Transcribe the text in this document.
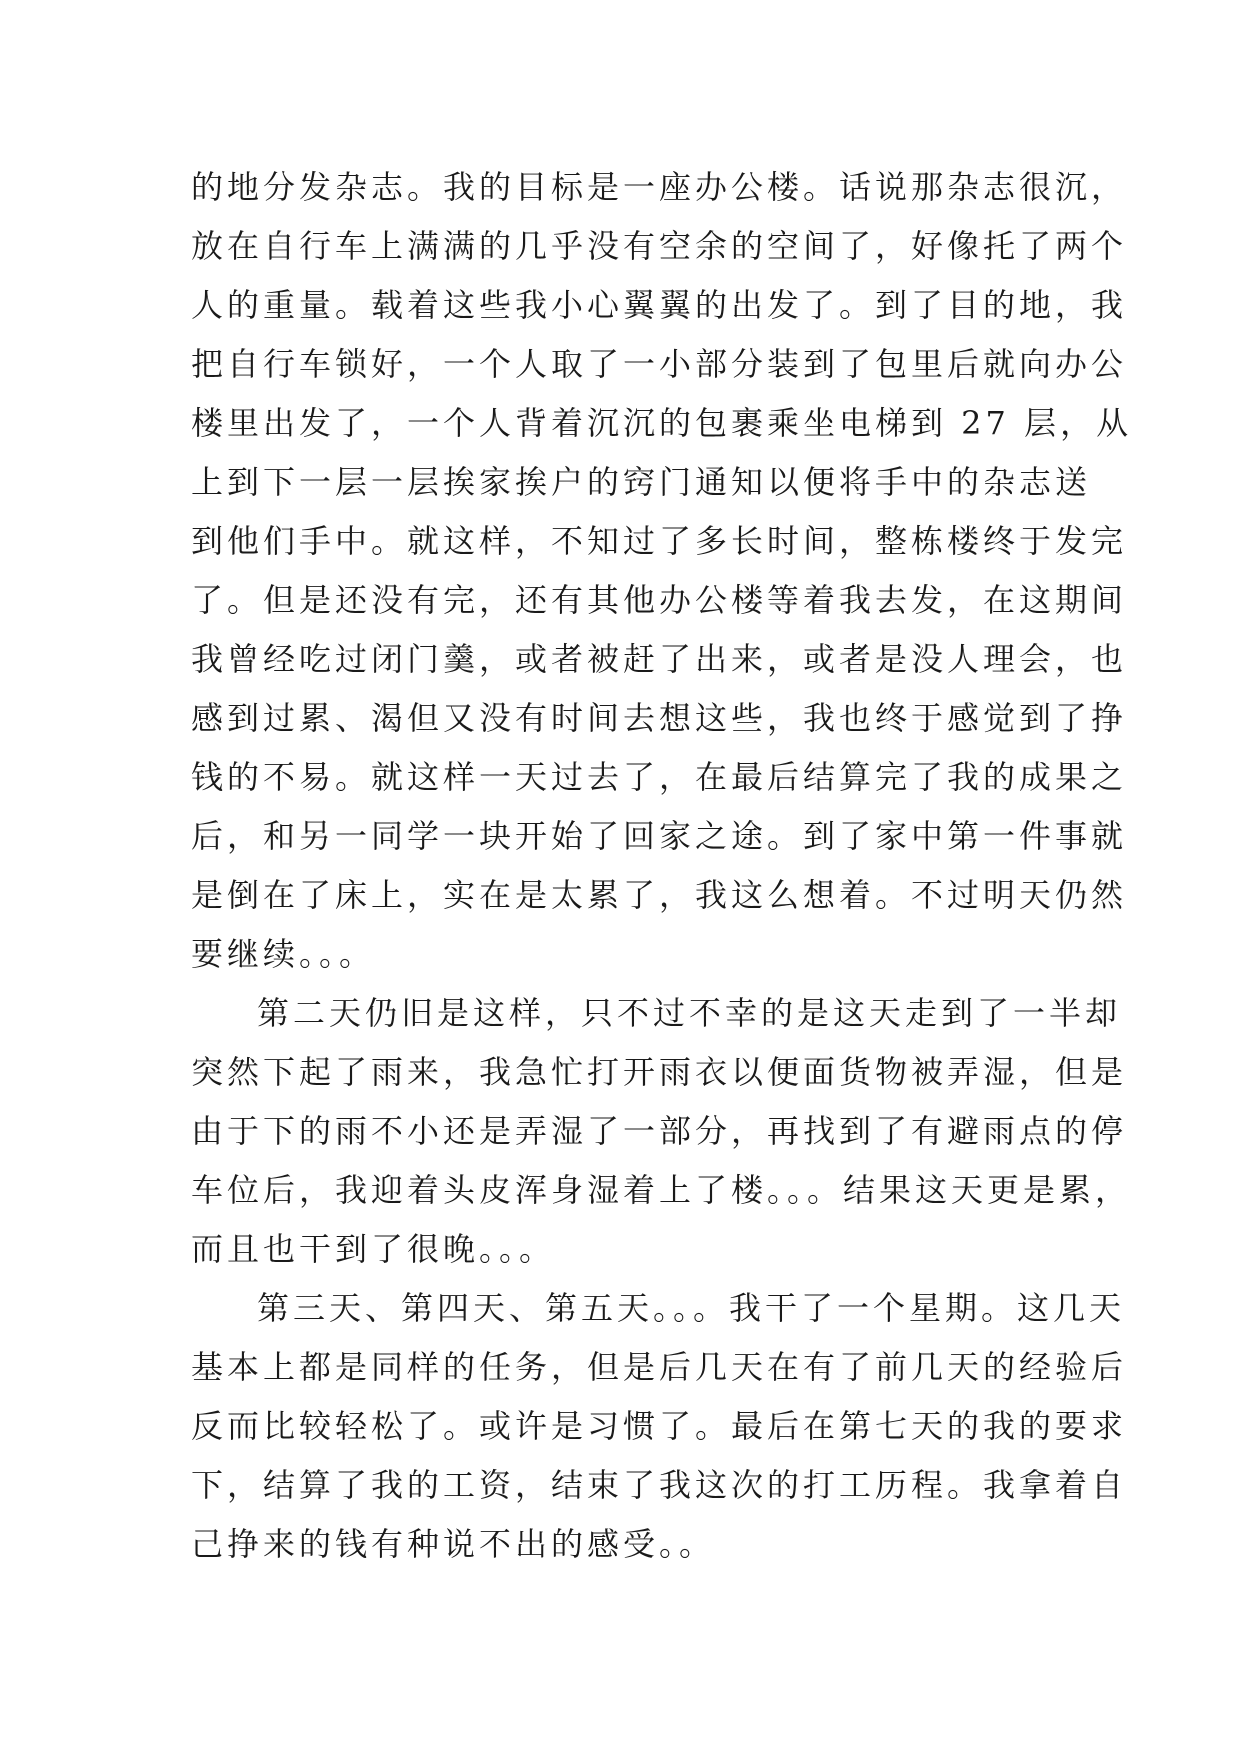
的地分发杂志。我的目标是一座办公楼。话说那杂志很沉，
放在自行车上满满的几乎没有空余的空间了，好像托了两个
人的重量。载着这些我小心翼翼的出发了。到了目的地，我
把自行车锁好，一个人取了一小部分装到了包里后就向办公
楼里出发了，一个人背着沉沉的包裹乘坐电梯到 27 层，从
上到下一层一层挨家挨户的窍门通知以便将手中的杂志送
到他们手中。就这样，不知过了多长时间，整栋楼终于发完
了。但是还没有完，还有其他办公楼等着我去发，在这期间
我曾经吃过闭门羹，或者被赶了出来，或者是没人理会，也
感到过累、渴但又没有时间去想这些，我也终于感觉到了挣
钱的不易。就这样一天过去了，在最后结算完了我的成果之
后，和另一同学一块开始了回家之途。到了家中第一件事就
是倒在了床上，实在是太累了，我这么想着。不过明天仍然
要继续。。。
第二天仍旧是这样，只不过不幸的是这天走到了一半却
突然下起了雨来，我急忙打开雨衣以便面货物被弄湿，但是
由于下的雨不小还是弄湿了一部分，再找到了有避雨点的停
车位后，我迎着头皮浑身湿着上了楼。。。结果这天更是累，
而且也干到了很晚。。。
第三天、第四天、第五天。。。我干了一个星期。这几天
基本上都是同样的任务，但是后几天在有了前几天的经验后
反而比较轻松了。或许是习惯了。最后在第七天的我的要求
下，结算了我的工资，结束了我这次的打工历程。我拿着自
己挣来的钱有种说不出的感受。。
